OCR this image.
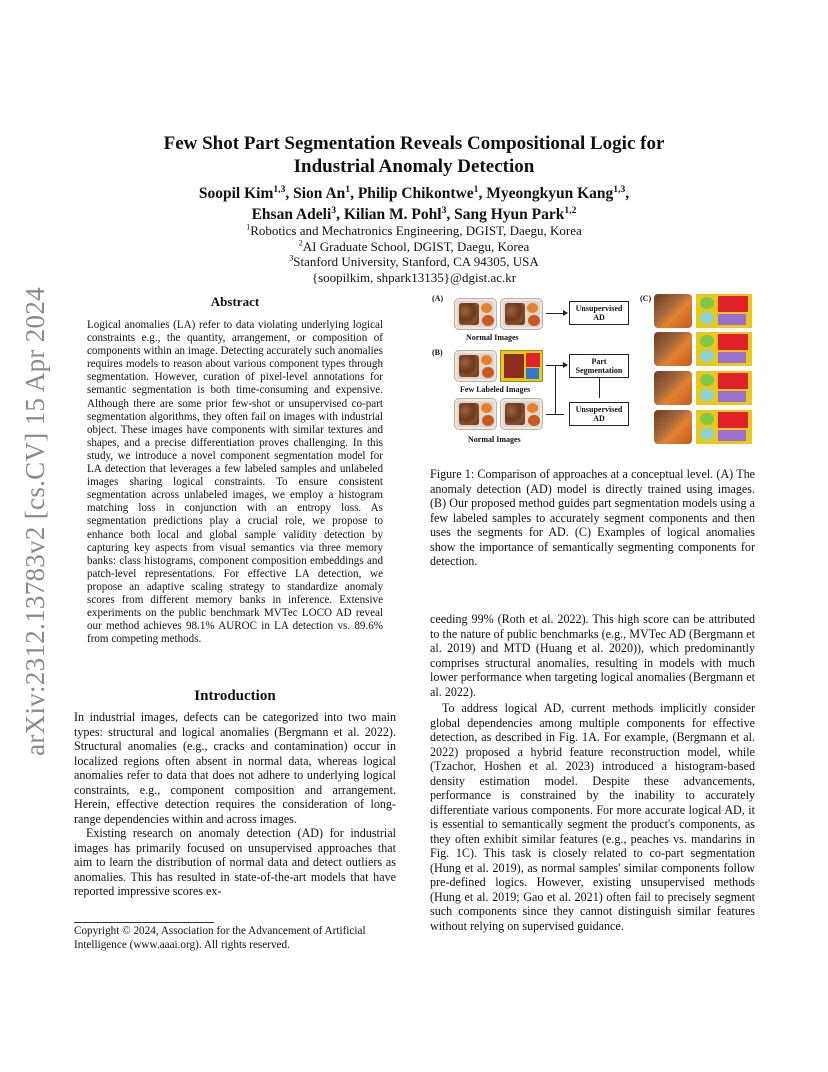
arXiv:2312.13783v2 [cs.CV] 15 Apr 2024
Few Shot Part Segmentation Reveals Compositional Logic for
Industrial Anomaly Detection
Soopil Kim$^{1,3}$, Sion An$^1$, Philip Chikontwe$^1$, Myeongkyun Kang$^{1,3}$,
Ehsan Adeli$^3$, Kilian M. Pohl$^3$, Sang Hyun Park$^{1,2}$
$^1$Robotics and Mechatronics Engineering, DGIST, Daegu, Korea
$^2$AI Graduate School, DGIST, Daegu, Korea
$^3$Stanford University, Stanford, CA 94305, USA
{soopilkim, shpark13135}@dgist.ac.kr
Abstract

Logical anomalies (LA) refer to data violating underlying logical constraints e.g., the quantity, arrangement, or composition of components within an image. Detecting accurately such anomalies requires models to reason about various component types through segmentation. However, curation of pixel-level annotations for semantic segmentation is both time-consuming and expensive. Although there are some prior few-shot or unsupervised co-part segmentation algorithms, they often fail on images with industrial object. These images have components with similar textures and shapes, and a precise differentiation proves challenging. In this study, we introduce a novel component segmentation model for LA detection that leverages a few labeled samples and unlabeled images sharing logical constraints. To ensure consistent segmentation across unlabeled images, we employ a histogram matching loss in conjunction with an entropy loss. As segmentation predictions play a crucial role, we propose to enhance both local and global sample validity detection by capturing key aspects from visual semantics via three memory banks: class histograms, component composition embeddings and patch-level representations. For effective LA detection, we propose an adaptive scaling strategy to standardize anomaly scores from different memory banks in inference. Extensive experiments on the public benchmark MVTec LOCO AD reveal our method achieves 98.1% AUROC in LA detection vs. 89.6% from competing methods.

Introduction

In industrial images, defects can be categorized into two main types: structural and logical anomalies (Bergmann et al. 2022). Structural anomalies (e.g., cracks and contamination) occur in localized regions often absent in normal data, whereas logical anomalies refer to data that does not adhere to underlying logical constraints, e.g., component composition and arrangement. Herein, effective detection requires the consideration of long-range dependencies within and across images.

Existing research on anomaly detection (AD) for industrial images has primarily focused on unsupervised approaches that aim to learn the distribution of normal data and detect outliers as anomalies. This has resulted in state-of-the-art models that have reported impressive scores ex-

Copyright © 2024, Association for the Advancement of Artificial Intelligence (www.aaai.org). All rights reserved.
(A)
Normal Images
Unsupervised AD
(B)
Few Labeled Images
Normal Images
Part Segmentation
Unsupervised AD
(C)

Figure 1: Comparison of approaches at a conceptual level. (A) The anomaly detection (AD) model is directly trained using images. (B) Our proposed method guides part segmentation models using a few labeled samples to accurately segment components and then uses the segments for AD. (C) Examples of logical anomalies show the importance of semantically segmenting components for detection.

ceeding 99% (Roth et al. 2022). This high score can be attributed to the nature of public benchmarks (e.g., MVTec AD (Bergmann et al. 2019) and MTD (Huang et al. 2020)), which predominantly comprises structural anomalies, resulting in models with much lower performance when targeting logical anomalies (Bergmann et al. 2022).

To address logical AD, current methods implicitly consider global dependencies among multiple components for effective detection, as described in Fig. 1A. For example, (Bergmann et al. 2022) proposed a hybrid feature reconstruction model, while (Tzachor, Hoshen et al. 2023) introduced a histogram-based density estimation model. Despite these advancements, performance is constrained by the inability to accurately differentiate various components. For more accurate logical AD, it is essential to semantically segment the product's components, as they often exhibit similar features (e.g., peaches vs. mandarins in Fig. 1C). This task is closely related to co-part segmentation (Hung et al. 2019), as normal samples' similar components follow pre-defined logics. However, existing unsupervised methods (Hung et al. 2019; Gao et al. 2021) often fail to precisely segment such components since they cannot distinguish similar features without relying on supervised guidance.
